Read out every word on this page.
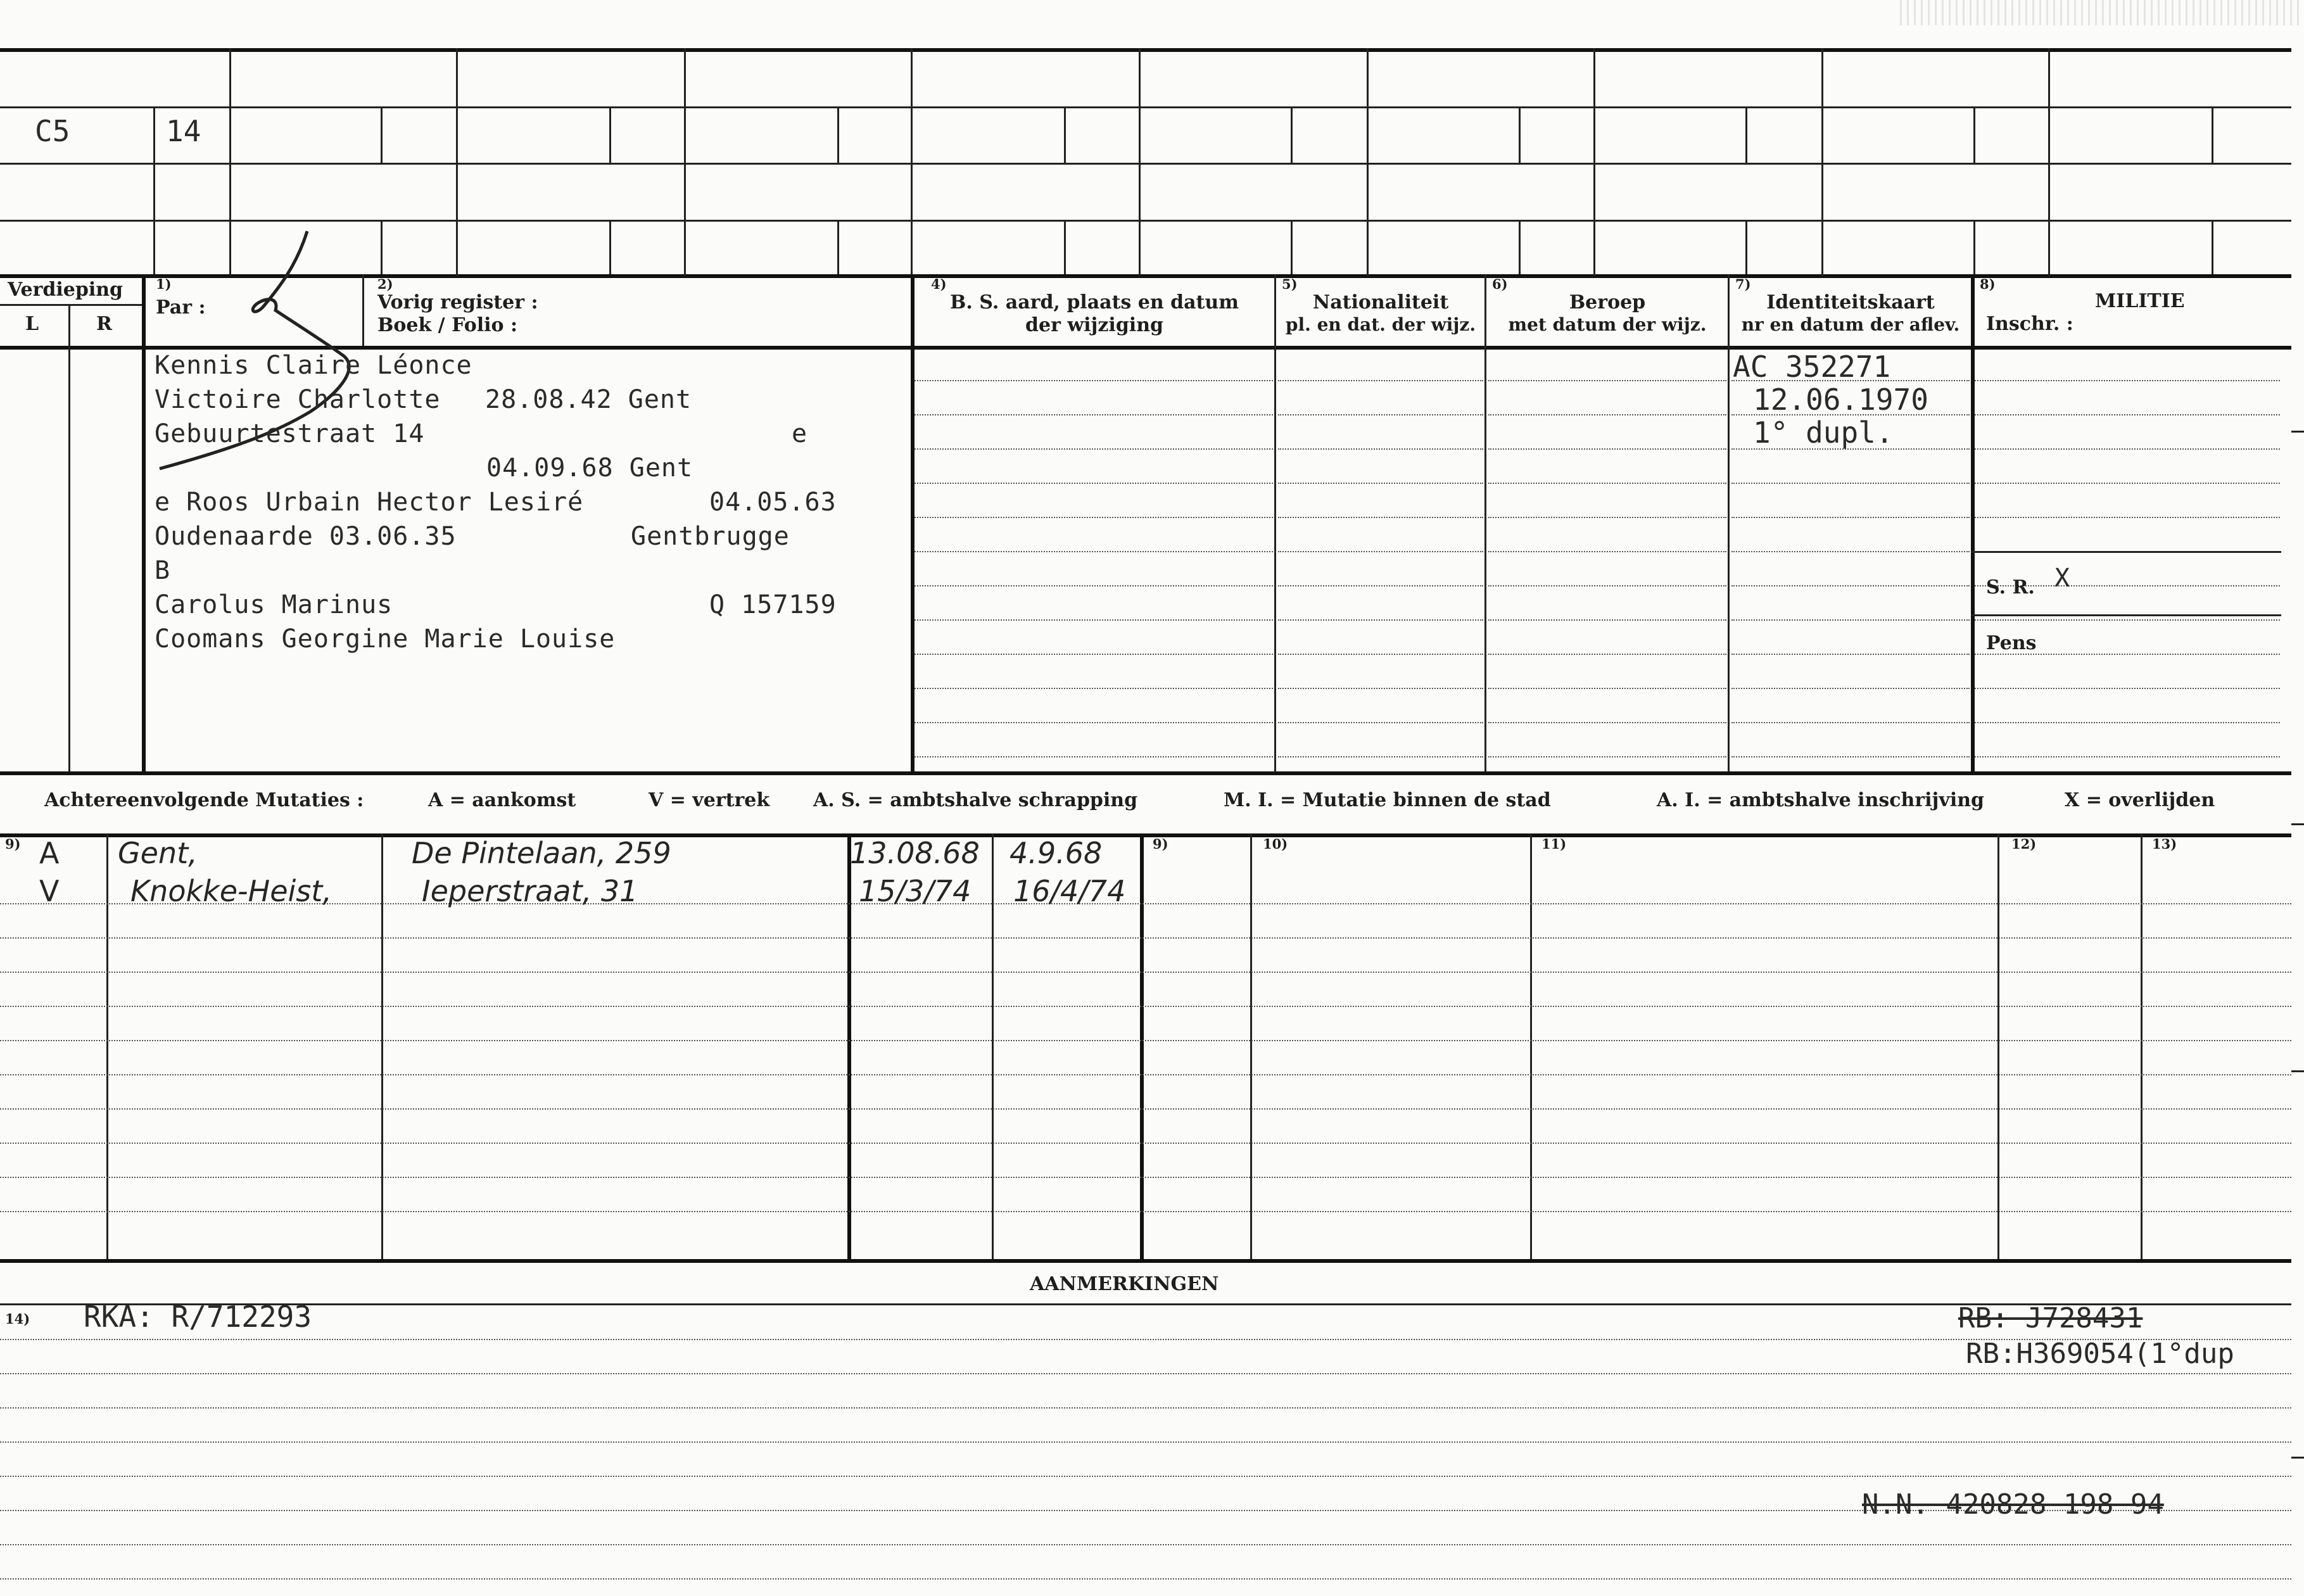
C5	14
Verdieping
L	R
1)
Par :
2)
Vorig register :
Boek / Folio :
4)
B. S. aard, plaats en datum
der wijziging
5)
Nationaliteit
pl. en dat. der wijz.
6)
Beroep
met datum der wijz.
7)
Identiteitskaart
nr en datum der aflev.
8)
MILITIE
Inschr. :
S. R. X
Pens
Kennis Claire Léonce
Victoire Charlotte 28.08.42 Gent
Gebuurtestraat 14	e
04.09.68 Gent
e Roos Urbain Hector Lesiré	04.05.63
Oudenaarde 03.06.35	Gentbrugge
B
Carolus Marinus	Q 157159
Coomans Georgine Marie Louise
AC 352271
12.06.1970
1° dupl.
Achtereenvolgende Mutaties :	A = aankomst	V = vertrek A. S. = ambtshalve schrapping	M. I. = Mutatie binnen de stad	A. I. = ambtshalve inschrijving	X = overlijden
9)	9)	10)	11)	12)	13)
A Gent,	De Pintelaan, 259	13.08.68 4.9.68
V Knokke-Heist,	Ieperstraat, 31	15/3/74 16/4/74
AANMERKINGEN
14) RKA: R/712293	RB: J728431
RB:H369054(1°dup
N.N. 420828 198 94
